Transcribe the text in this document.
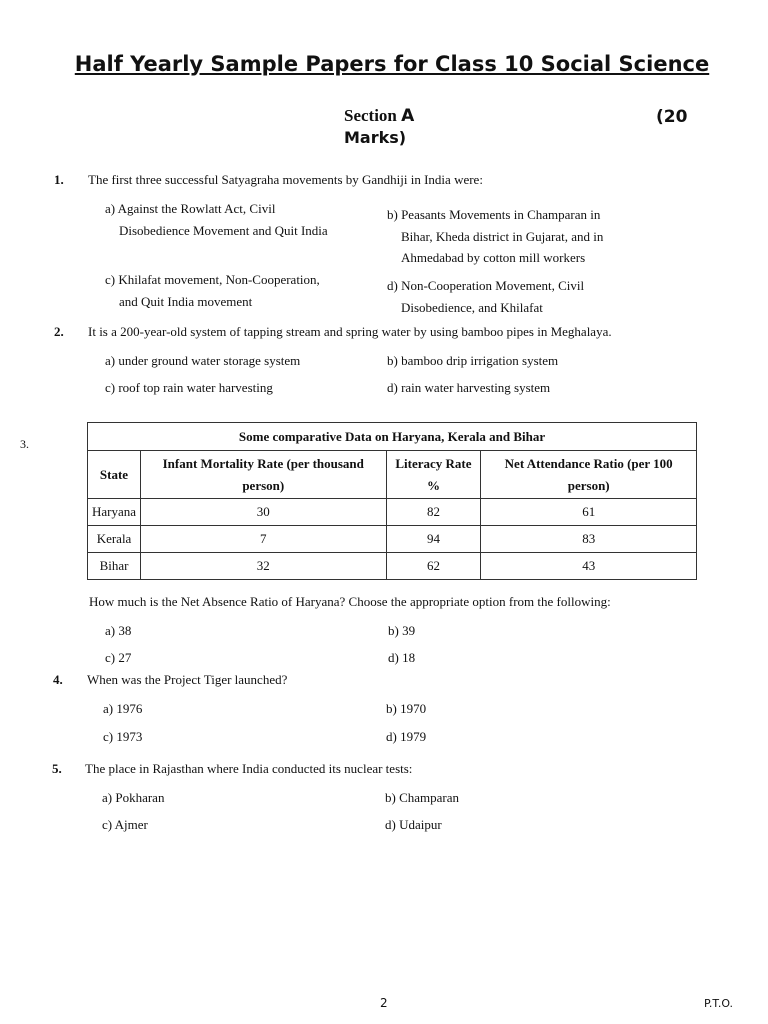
Half Yearly Sample Papers for Class 10 Social Science
Section A	(20
Marks)
1. The first three successful Satyagraha movements by Gandhiji in India were:
a) Against the Rowlatt Act, Civil
Disobedience Movement and Quit India
b) Peasants Movements in Champaran in
Bihar, Kheda district in Gujarat, and in
Ahmedabad by cotton mill workers
c) Khilafat movement, Non-Cooperation,
and Quit India movement
d) Non-Cooperation Movement, Civil
Disobedience, and Khilafat
2. It is a 200-year-old system of tapping stream and spring water by using bamboo pipes in Meghalaya.
a) under ground water storage system	b) bamboo drip irrigation system
c) roof top rain water harvesting	d) rain water harvesting system
3.
Some comparative Data on Haryana, Kerala and Bihar			
State	Infant Mortality Rate (per thousand person)	Literacy Rate %	Net Attendance Ratio (per 100 person)
Haryana	30	82	61
Kerala	7	94	83
Bihar	32	62	43
How much is the Net Absence Ratio of Haryana? Choose the appropriate option from the following:
a) 38	b) 39
c) 27	d) 18
4. When was the Project Tiger launched?
a) 1976	b) 1970
c) 1973	d) 1979
5. The place in Rajasthan where India conducted its nuclear tests:
a) Pokharan	b) Champaran
c) Ajmer	d) Udaipur
2	P.T.O.
